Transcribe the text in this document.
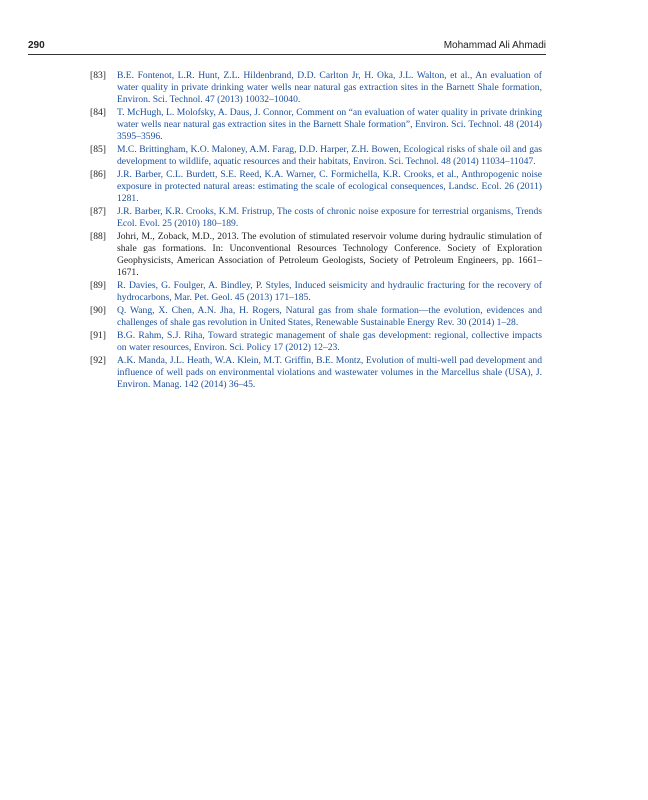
290	Mohammad Ali Ahmadi
[83] B.E. Fontenot, L.R. Hunt, Z.L. Hildenbrand, D.D. Carlton Jr, H. Oka, J.L. Walton, et al., An evaluation of water quality in private drinking water wells near natural gas extraction sites in the Barnett Shale formation, Environ. Sci. Technol. 47 (2013) 10032–10040.
[84] T. McHugh, L. Molofsky, A. Daus, J. Connor, Comment on “an evaluation of water quality in private drinking water wells near natural gas extraction sites in the Barnett Shale formation”, Environ. Sci. Technol. 48 (2014) 3595–3596.
[85] M.C. Brittingham, K.O. Maloney, A.M. Farag, D.D. Harper, Z.H. Bowen, Ecological risks of shale oil and gas development to wildlife, aquatic resources and their habitats, Environ. Sci. Technol. 48 (2014) 11034–11047.
[86] J.R. Barber, C.L. Burdett, S.E. Reed, K.A. Warner, C. Formichella, K.R. Crooks, et al., Anthropogenic noise exposure in protected natural areas: estimating the scale of ecological consequences, Landsc. Ecol. 26 (2011) 1281.
[87] J.R. Barber, K.R. Crooks, K.M. Fristrup, The costs of chronic noise exposure for terrestrial organisms, Trends Ecol. Evol. 25 (2010) 180–189.
[88] Johri, M., Zoback, M.D., 2013. The evolution of stimulated reservoir volume during hydraulic stimulation of shale gas formations. In: Unconventional Resources Technology Conference. Society of Exploration Geophysicists, American Association of Petroleum Geologists, Society of Petroleum Engineers, pp. 1661–1671.
[89] R. Davies, G. Foulger, A. Bindley, P. Styles, Induced seismicity and hydraulic fracturing for the recovery of hydrocarbons, Mar. Pet. Geol. 45 (2013) 171–185.
[90] Q. Wang, X. Chen, A.N. Jha, H. Rogers, Natural gas from shale formation—the evolution, evidences and challenges of shale gas revolution in United States, Renewable Sustainable Energy Rev. 30 (2014) 1–28.
[91] B.G. Rahm, S.J. Riha, Toward strategic management of shale gas development: regional, collective impacts on water resources, Environ. Sci. Policy 17 (2012) 12–23.
[92] A.K. Manda, J.L. Heath, W.A. Klein, M.T. Griffin, B.E. Montz, Evolution of multi-well pad development and influence of well pads on environmental violations and wastewater volumes in the Marcellus shale (USA), J. Environ. Manag. 142 (2014) 36–45.
